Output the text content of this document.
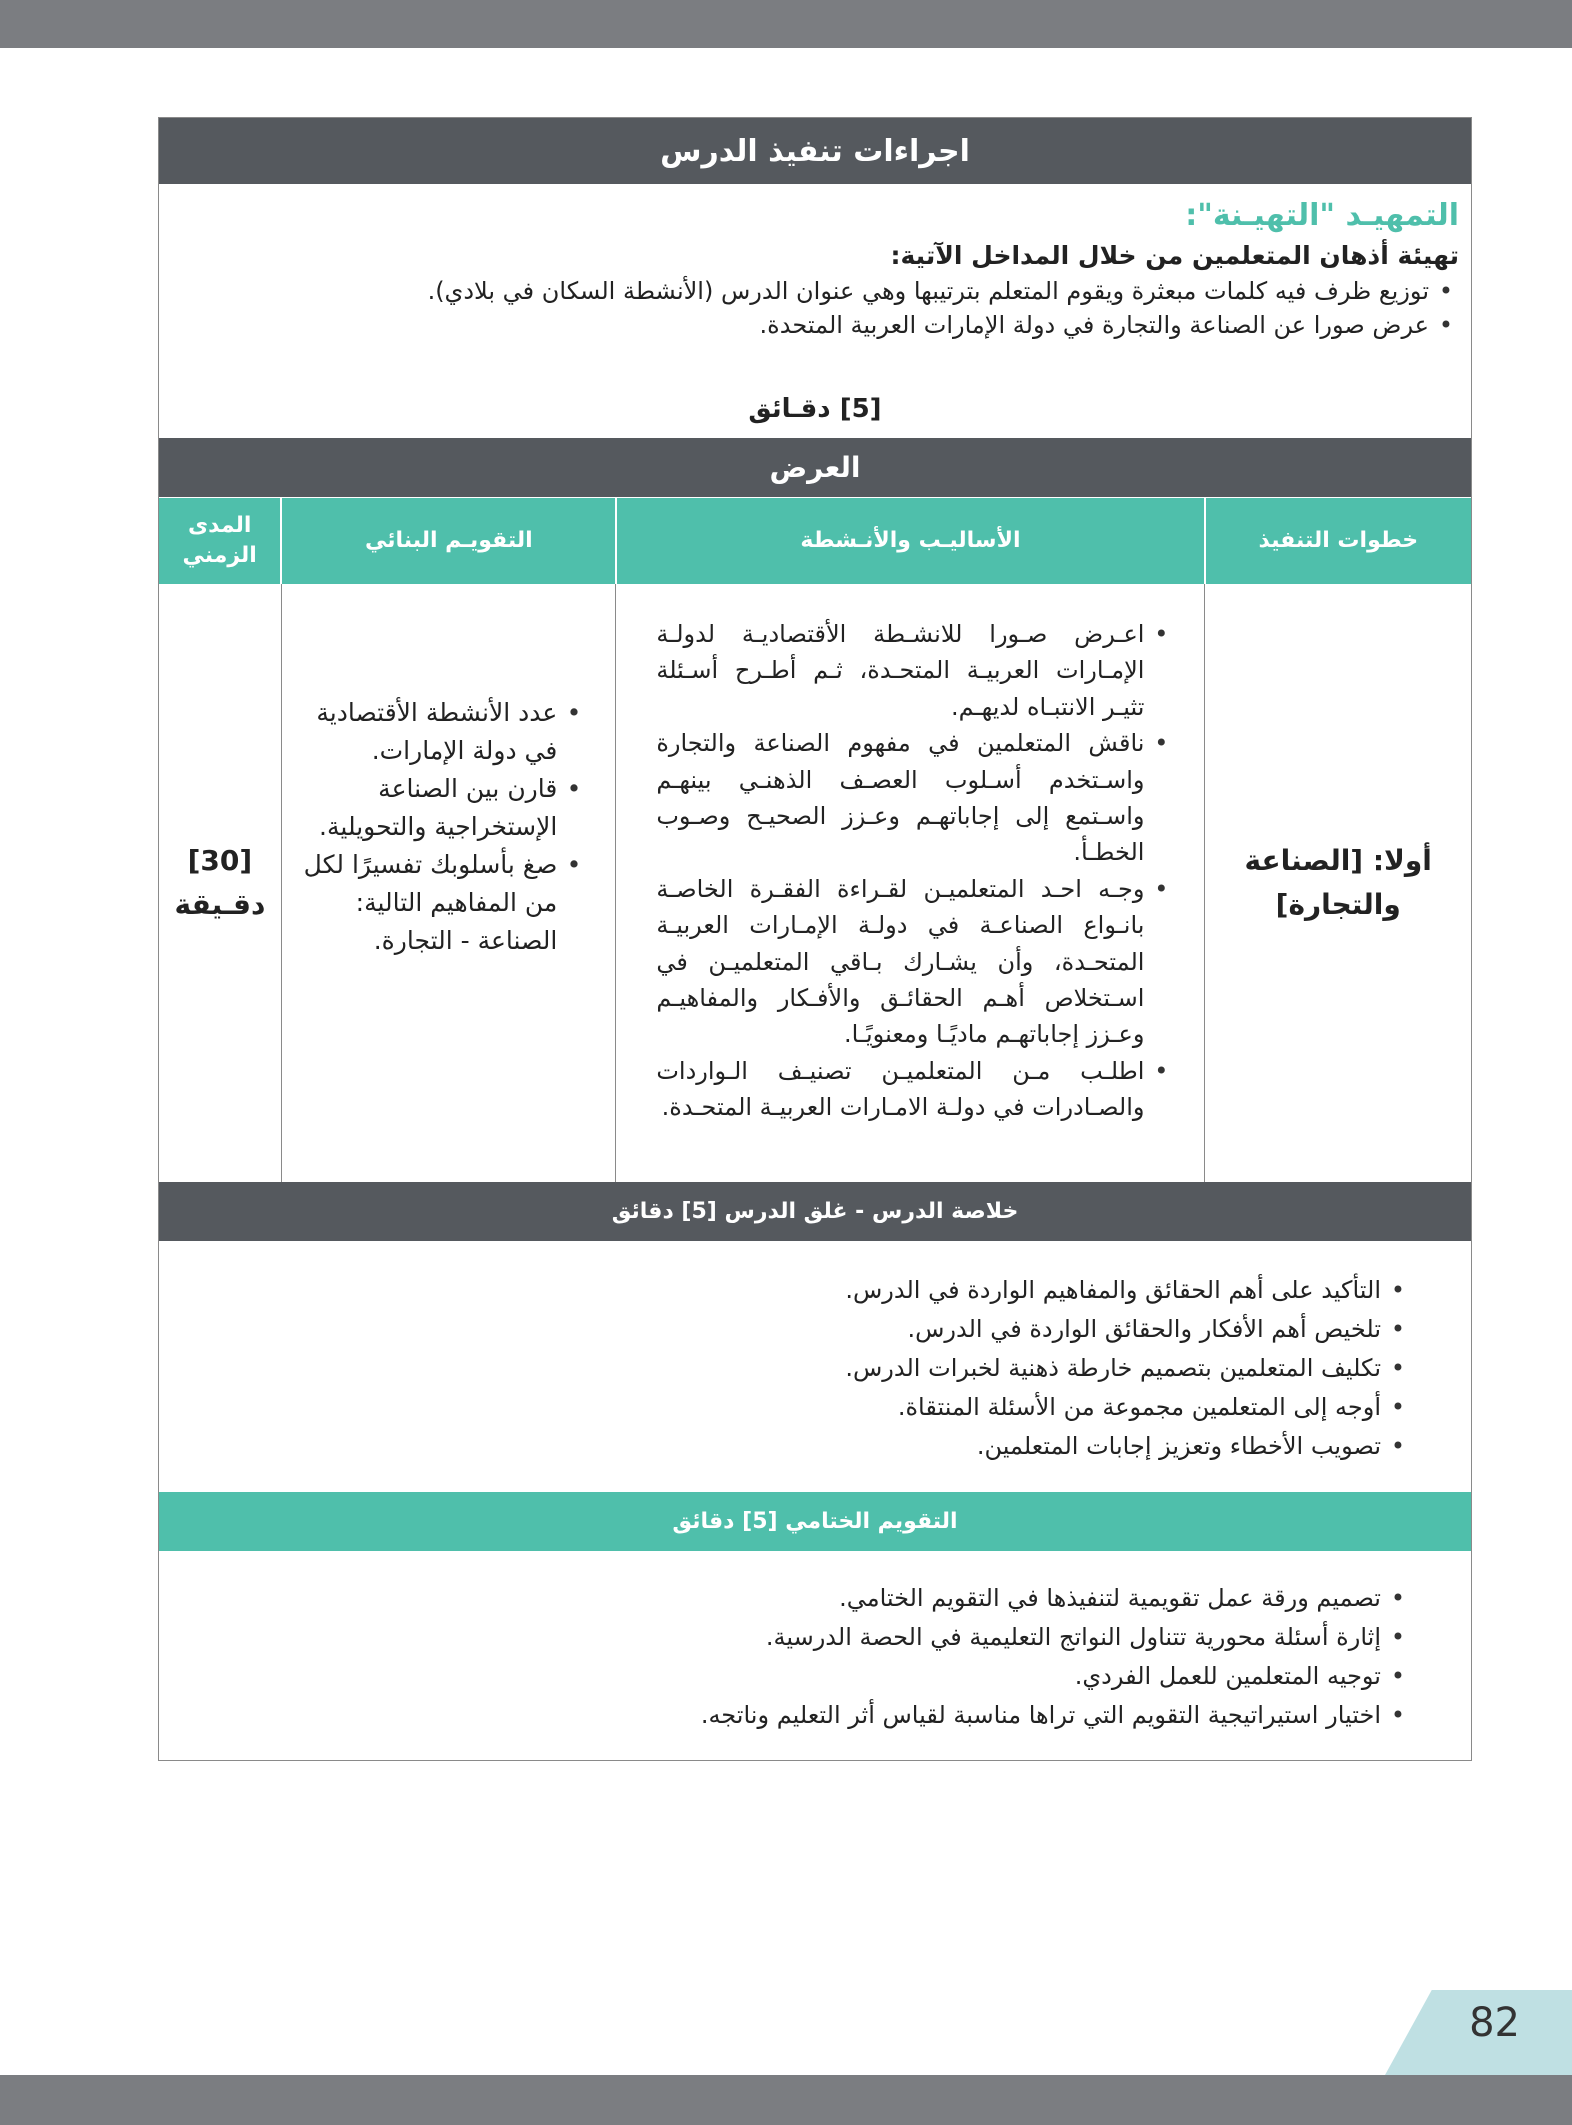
اجراءات تنفيذ الدرس

التمهيـد "التهيـنة":

تهيئة أذهان المتعلمين من خلال المداخل الآتية:

• توزيع ظرف فيه كلمات مبعثرة ويقوم المتعلم بترتيبها وهي عنوان الدرس (الأنشطة السكان في بلادي).
• عرض صورا عن الصناعة والتجارة في دولة الإمارات العربية المتحدة.
[5] دقـائق
العرض
خطوات التنفيذ
الأساليـب والأنـشطة
التقويـم البنائي
المدى الزمني
أولا: [الصناعة والتجارة]
• اعـرض صـورا للانشـطة الأقتصاديـة لدولـة الإمـارات العربيـة المتحـدة، ثـم أطـرح أسـئلة تثيـر الانتبـاه لديهـم.
• ناقش المتعلمين في مفهوم الصناعة والتجارة واسـتخدم أسـلوب العصـف الذهنـي بينهـم واسـتمع إلى إجاباتهـم وعـزز الصحيـح وصـوب الخطـأ.
• وجـه احـد المتعلميـن لقـراءة الفقـرة الخاصـة بانـواع الصناعـة في دولـة الإمـارات العربيـة المتحـدة، وأن يشـارك بـاقي المتعلميـن في اسـتخلاص أهـم الحقائـق والأفـكار والمفاهيـم وعـزز إجاباتهـم ماديًـا ومعنويًـا.
• اطلـب مـن المتعلميـن تصنيـف الـواردات والصـادرات في دولـة الامـارات العربيـة المتحـدة.
• عدد الأنشطة الأقتصادية في دولة الإمارات.
• قارن بين الصناعة الإستخراجية والتحويلية.
• صغ بأسلوبك تفسيرًا لكل من المفاهيم التالية: الصناعة - التجارة.
[30] دقـيقة
خلاصة الدرس - غلق الدرس [5] دقائق
• التأكيد على أهم الحقائق والمفاهيم الواردة في الدرس.
• تلخيص أهم الأفكار والحقائق الواردة في الدرس.
• تكليف المتعلمين بتصميم خارطة ذهنية لخبرات الدرس.
• أوجه إلى المتعلمين مجموعة من الأسئلة المنتقاة.
• تصويب الأخطاء وتعزيز إجابات المتعلمين.
التقويم الختامي [5] دقائق
• تصميم ورقة عمل تقويمية لتنفيذها في التقويم الختامي.
• إثارة أسئلة محورية تتناول النواتج التعليمية في الحصة الدرسية.
• توجيه المتعلمين للعمل الفردي.
• اختيار استيراتيجية التقويم التي تراها مناسبة لقياس أثر التعليم وناتجه.
82
